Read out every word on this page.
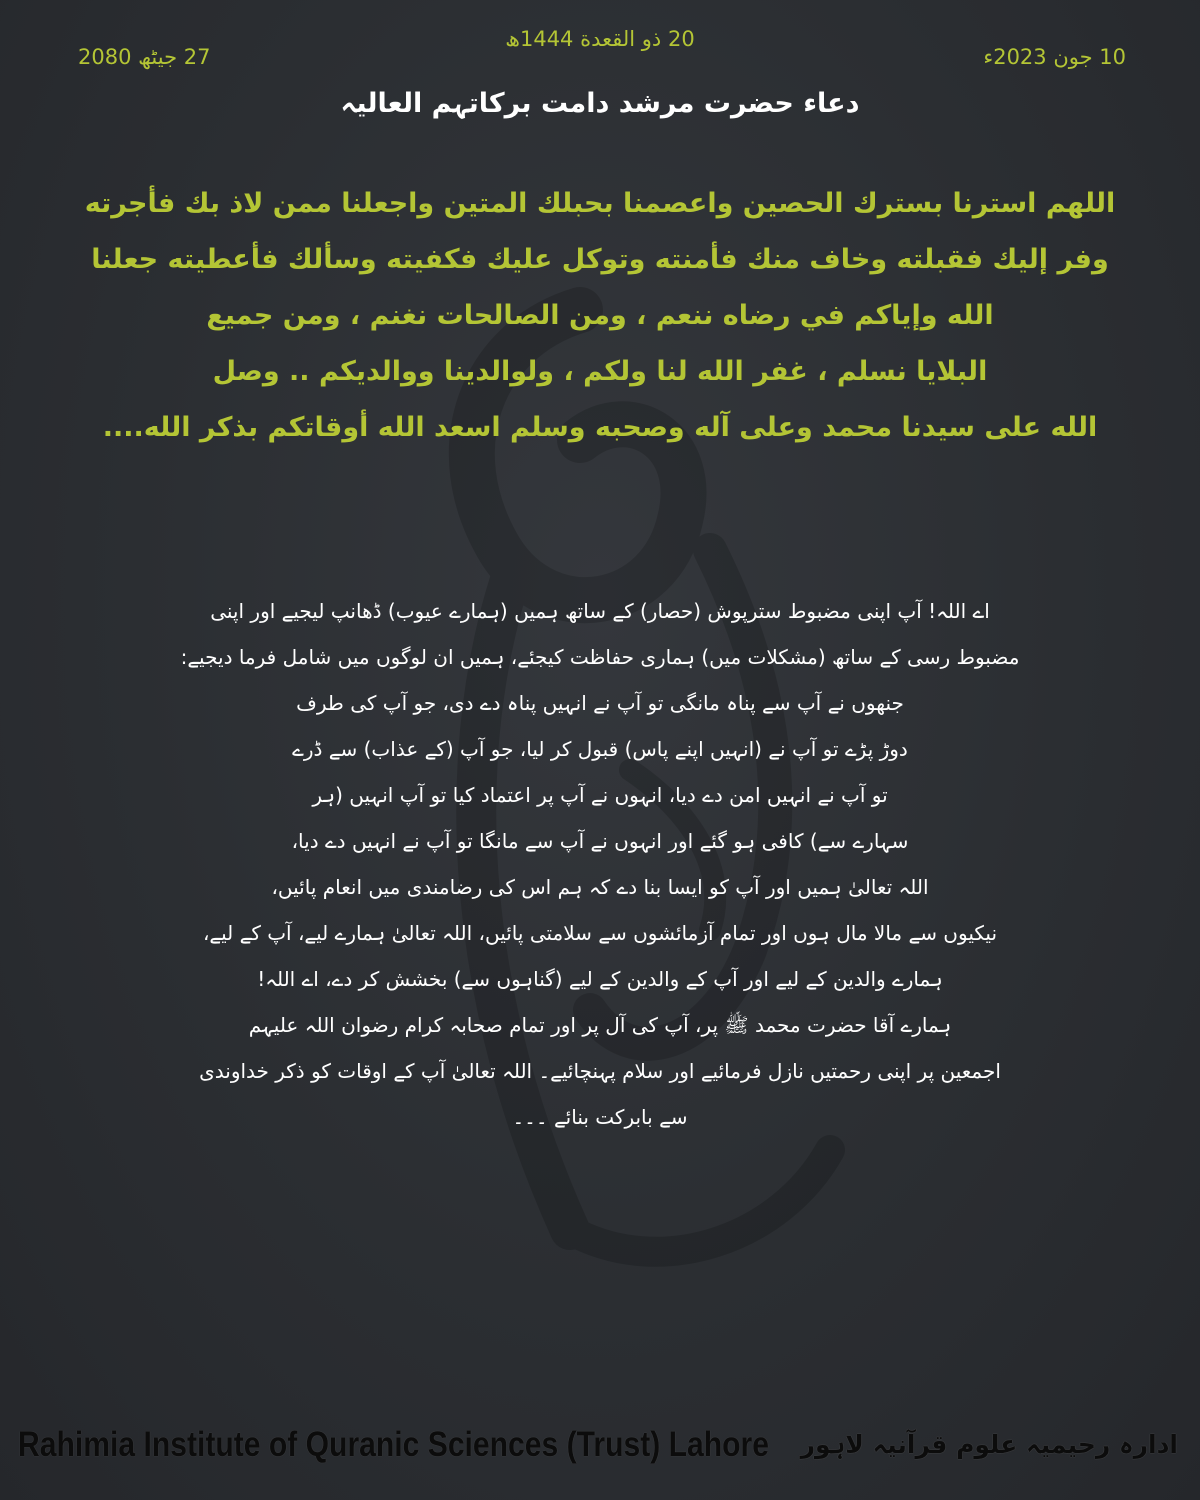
20 ذو القعدة 1444ھ
27 جیٹھ 2080	10 جون 2023ء
دعاء حضرت مرشد دامت برکاتہم العالیہ
اللهم استرنا بسترك الحصين واعصمنا بحبلك المتين واجعلنا ممن لاذ بك فأجرته
وفر إليك فقبلته وخاف منك فأمنته وتوكل عليك فكفيته وسألك فأعطيته جعلنا
الله وإياكم في رضاه ننعم ، ومن الصالحات نغنم ، ومن جميع
البلايا نسلم ، غفر الله لنا ولكم ، ولوالدينا ووالديكم .. وصل
الله على سيدنا محمد وعلى آله وصحبه وسلم اسعد الله أوقاتكم بذكر الله....
اے اللہ! آپ اپنی مضبوط سترپوش (حصار) کے ساتھ ہمیں (ہمارے عیوب) ڈھانپ لیجیے اور اپنی
مضبوط رسی کے ساتھ (مشکلات میں) ہماری حفاظت کیجئے، ہمیں ان لوگوں میں شامل فرما دیجیے:
جنھوں نے آپ سے پناہ مانگی تو آپ نے انہیں پناہ دے دی، جو آپ کی طرف
دوڑ پڑے تو آپ نے (انہیں اپنے پاس) قبول کر لیا، جو آپ (کے عذاب) سے ڈرے
تو آپ نے انہیں امن دے دیا، انہوں نے آپ پر اعتماد کیا تو آپ انہیں (ہر
سہارے سے) کافی ہو گئے اور انہوں نے آپ سے مانگا تو آپ نے انہیں دے دیا،
اللہ تعالیٰ ہمیں اور آپ کو ایسا بنا دے کہ ہم اس کی رضامندی میں انعام پائیں،
نیکیوں سے مالا مال ہوں اور تمام آزمائشوں سے سلامتی پائیں، اللہ تعالیٰ ہمارے لیے، آپ کے لیے،
ہمارے والدین کے لیے اور آپ کے والدین کے لیے (گناہوں سے) بخشش کر دے، اے اللہ!
ہمارے آقا حضرت محمد ﷺ پر، آپ کی آل پر اور تمام صحابہ کرام رضوان اللہ علیہم
اجمعین پر اپنی رحمتیں نازل فرمائیے اور سلام پہنچائیے۔ اللہ تعالیٰ آپ کے اوقات کو ذکر خداوندی
سے بابرکت بنائے ۔۔۔
Rahimia Institute of Quranic Sciences (Trust) Lahore ادارہ رحیمیہ علوم قرآنیہ لاہور
